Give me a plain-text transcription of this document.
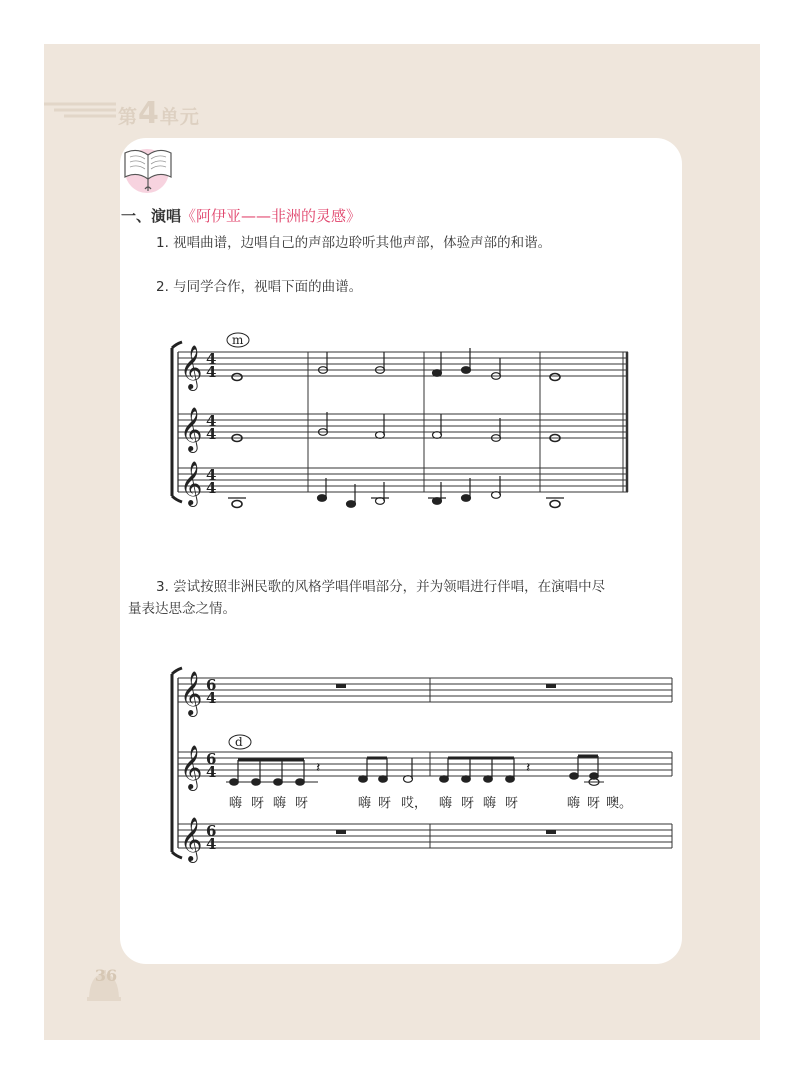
第4单元
一、演唱《阿伊亚——非洲的灵感》
1. 视唱曲谱，边唱自己的声部边聆听其他声部，体验声部的和谐。
2. 与同学合作，视唱下面的曲谱。
3. 尝试按照非洲民歌的风格学唱伴唱部分，并为领唱进行伴唱，在演唱中尽
量表达思念之情。
𝄞
𝄞
𝄞
4
4
4
4
4
4
m
𝄞
𝄞
𝄞
6
4
6
4
6
4
d
𝄽	𝄽
嗨 呀 嗨 呀	嗨 呀 哎， 嗨 呀 嗨 呀	嗨 呀 噢。
36
